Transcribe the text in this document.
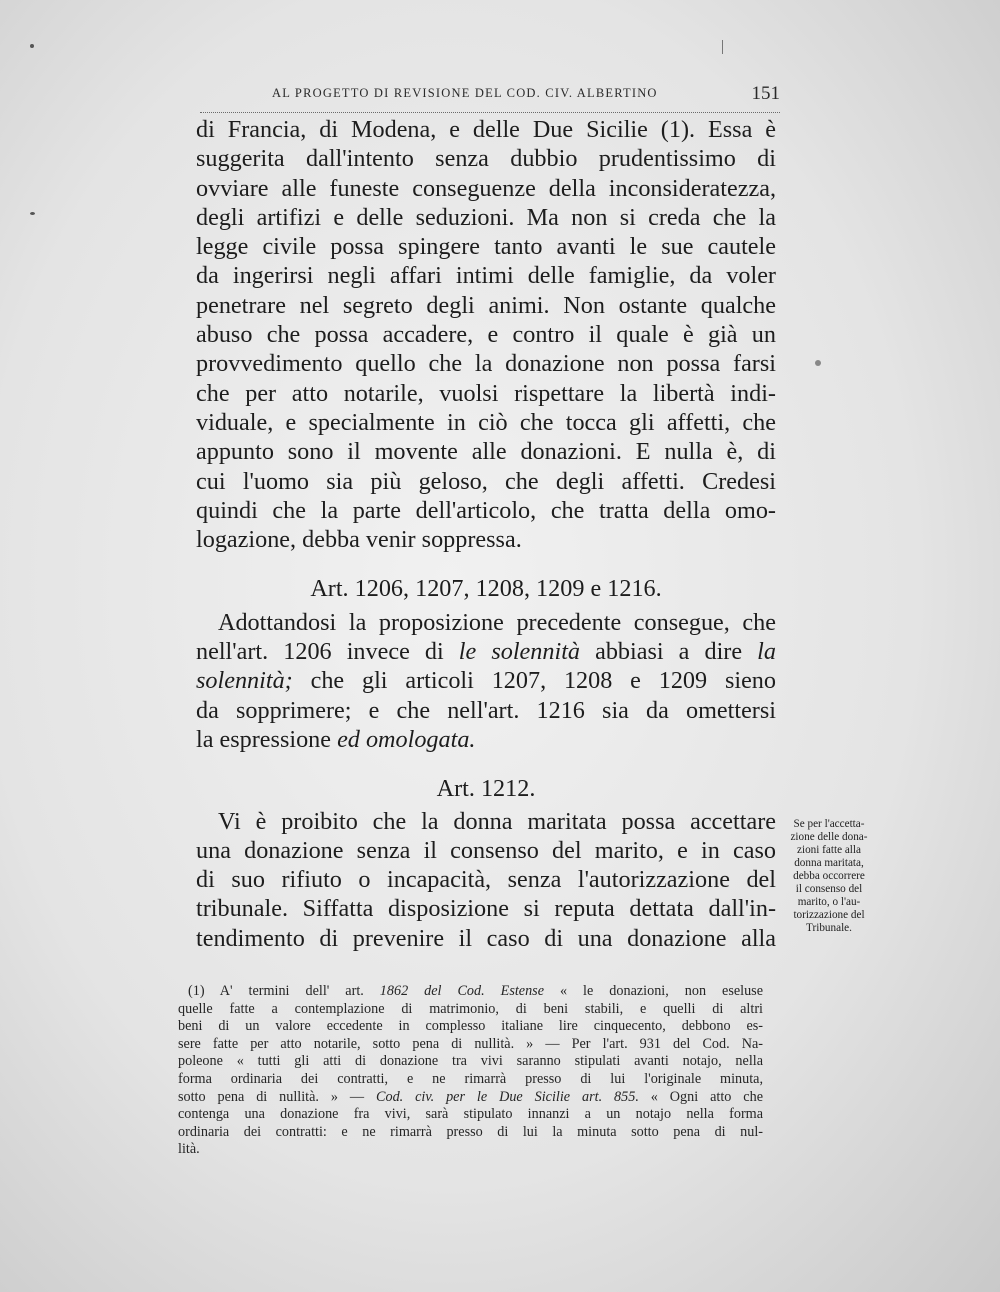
AL PROGETTO DI REVISIONE DEL COD. CIV. ALBERTINO	151
di Francia, di Modena, e delle Due Sicilie (1). Essa è
suggerita dall'intento senza dubbio prudentissimo di
ovviare alle funeste conseguenze della inconsideratezza,
degli artifizi e delle seduzioni. Ma non si creda che la
legge civile possa spingere tanto avanti le sue cautele
da ingerirsi negli affari intimi delle famiglie, da voler
penetrare nel segreto degli animi. Non ostante qualche
abuso che possa accadere, e contro il quale è già un
provvedimento quello che la donazione non possa farsi
che per atto notarile, vuolsi rispettare la libertà indi-
viduale, e specialmente in ciò che tocca gli affetti, che
appunto sono il movente alle donazioni. E nulla è, di
cui l'uomo sia più geloso, che degli affetti. Credesi
quindi che la parte dell'articolo, che tratta della omo-
logazione, debba venir soppressa.
Art. 1206, 1207, 1208, 1209 e 1216.
Adottandosi la proposizione precedente consegue, che
nell'art. 1206 invece di le solennità abbiasi a dire la
solennità; che gli articoli 1207, 1208 e 1209 sieno
da sopprimere; e che nell'art. 1216 sia da omettersi
la espressione ed omologata.
Art. 1212.
Vi è proibito che la donna maritata possa accettare
una donazione senza il consenso del marito, e in caso
di suo rifiuto o incapacità, senza l'autorizzazione del
tribunale. Siffatta disposizione si reputa dettata dall'in-
tendimento di prevenire il caso di una donazione alla
Se per l'accetta-
zione delle dona-
zioni fatte alla
donna maritata,
debba occorrere
il consenso del
marito, o l'au-
torizzazione del
Tribunale.
(1) A' termini dell' art. 1862 del Cod. Estense « le donazioni, non eseluse
quelle fatte a contemplazione di matrimonio, di beni stabili, e quelli di altri
beni di un valore eccedente in complesso italiane lire cinquecento, debbono es-
sere fatte per atto notarile, sotto pena di nullità. » — Per l'art. 931 del Cod. Na-
poleone « tutti gli atti di donazione tra vivi saranno stipulati avanti notajo, nella
forma ordinaria dei contratti, e ne rimarrà presso di lui l'originale minuta,
sotto pena di nullità. » — Cod. civ. per le Due Sicilie art. 855. « Ogni atto che
contenga una donazione fra vivi, sarà stipulato innanzi a un notajo nella forma
ordinaria dei contratti: e ne rimarrà presso di lui la minuta sotto pena di nul-
lità.
